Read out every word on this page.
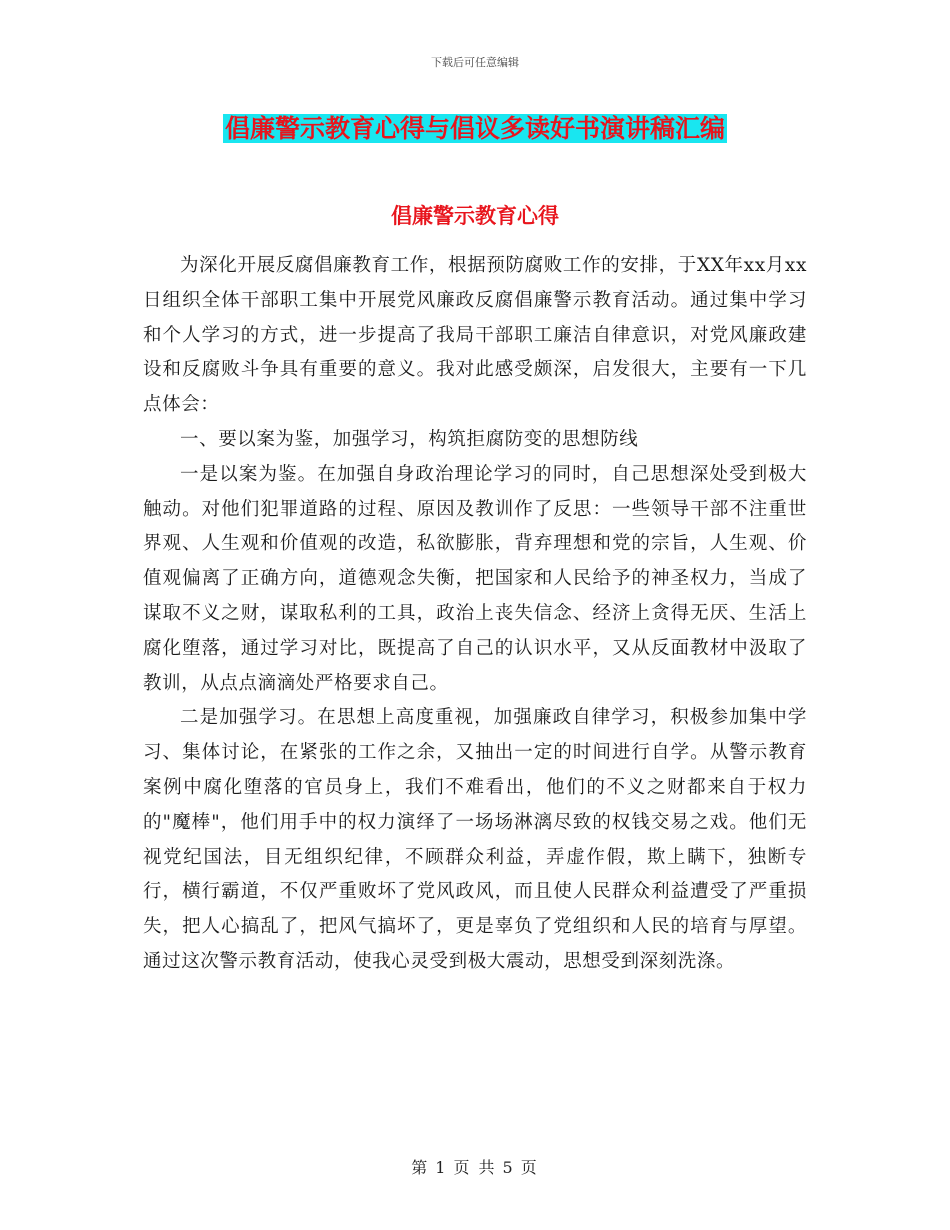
下载后可任意编辑
倡廉警示教育心得与倡议多读好书演讲稿汇编
倡廉警示教育心得

为深化开展反腐倡廉教育工作，根据预防腐败工作的安排，于XX年xx月xx日组织全体干部职工集中开展党风廉政反腐倡廉警示教育活动。通过集中学习和个人学习的方式，进一步提高了我局干部职工廉洁自律意识，对党风廉政建设和反腐败斗争具有重要的意义。我对此感受颇深，启发很大，主要有一下几点体会：

一、要以案为鉴，加强学习，构筑拒腐防变的思想防线

一是以案为鉴。在加强自身政治理论学习的同时，自己思想深处受到极大触动。对他们犯罪道路的过程、原因及教训作了反思：一些领导干部不注重世界观、人生观和价值观的改造，私欲膨胀，背弃理想和党的宗旨，人生观、价值观偏离了正确方向，道德观念失衡，把国家和人民给予的神圣权力，当成了谋取不义之财，谋取私利的工具，政治上丧失信念、经济上贪得无厌、生活上腐化堕落，通过学习对比，既提高了自己的认识水平，又从反面教材中汲取了教训，从点点滴滴处严格要求自己。

二是加强学习。在思想上高度重视，加强廉政自律学习，积极参加集中学习、集体讨论，在紧张的工作之余，又抽出一定的时间进行自学。从警示教育案例中腐化堕落的官员身上，我们不难看出，他们的不义之财都来自于权力的"魔棒"，他们用手中的权力演绎了一场场淋漓尽致的权钱交易之戏。他们无视党纪国法，目无组织纪律，不顾群众利益，弄虚作假，欺上瞒下，独断专行，横行霸道，不仅严重败坏了党风政风，而且使人民群众利益遭受了严重损失，把人心搞乱了，把风气搞坏了，更是辜负了党组织和人民的培育与厚望。通过这次警示教育活动，使我心灵受到极大震动，思想受到深刻洗涤。

第 1 页 共 5 页
